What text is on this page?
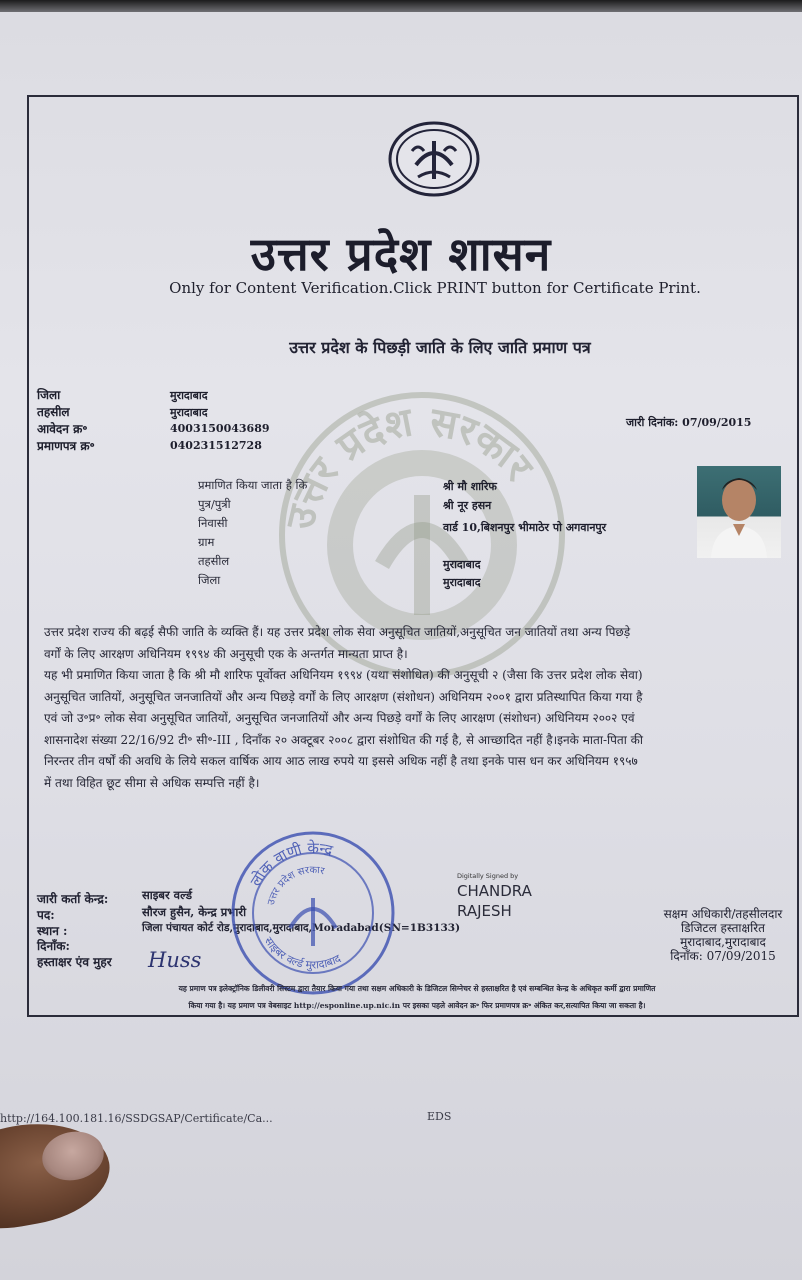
उत्तर प्रदेश सरकार
उत्तर प्रदेश शासन
Only for Content Verification.Click PRINT button for Certificate Print.
उत्तर प्रदेश के पिछड़ी जाति के लिए जाति प्रमाण पत्र
जिला	मुरादाबाद
तहसील	मुरादाबाद
आवेदन क्र॰	4003150043689
प्रमाणपत्र क्र॰	040231512728
जारी दिनांक: 07/09/2015
प्रमाणित किया जाता है कि	श्री मौ शारिफ
पुत्र/पुत्री	श्री नूर हसन
निवासी	वार्ड 10,बिशनपुर भीमाठेर पो अगवानपुर
ग्राम
तहसील	मुरादाबाद
जिला	मुरादाबाद

उत्तर प्रदेश राज्य की बढ़ई सैफी जाति के व्यक्ति हैं। यह उत्तर प्रदेश लोक सेवा अनुसूचित जातियों,अनुसूचित जन जातियों तथा अन्य पिछड़े

वर्गों के लिए आरक्षण अधिनियम १९९४ की अनुसूची एक के अन्तर्गत मान्यता प्राप्त है।

यह भी प्रमाणित किया जाता है कि श्री मौ शारिफ पूर्वोक्त अधिनियम १९९४ (यथा संशोधित) की अनुसूची २ (जैसा कि उत्तर प्रदेश लोक सेवा)

अनुसूचित जातियों, अनुसूचित जनजातियों और अन्य पिछड़े वर्गों के लिए आरक्षण (संशोधन) अधिनियम २००१ द्वारा प्रतिस्थापित किया गया है

एवं जो उ॰प्र॰ लोक सेवा अनुसूचित जातियों, अनुसूचित जनजातियों और अन्य पिछड़े वर्गों के लिए आरक्षण (संशोधन) अधिनियम २००२ एवं

शासनादेश संख्या 22/16/92 टी॰ सी॰-III , दिनाँक २० अक्टूबर २००८ द्वारा संशोधित की गई है, से आच्छादित नहीं है।इनके माता-पिता की

निरन्तर तीन वर्षों की अवधि के लिये सकल वार्षिक आय आठ लाख रुपये या इससे अधिक नहीं है तथा इनके पास धन कर अधिनियम १९५७

में तथा विहित छूट सीमा से अधिक सम्पत्ति नहीं है।

Digitally Signed by
CHANDRA
RAJESH
जारी कर्ता केन्द्र:	साइबर वर्ल्ड
पद:	सौरज हुसैन, केन्द्र प्रभारी
स्थान :	जिला पंचायत कोर्ट रोड,मुरादाबाद,मुरादाबाद,Moradabad(SN=1B3133)
दिनाँक:
हस्ताक्षर एंव मुहर Huss
लोक वाणी केन्द्र
उत्तर प्रदेश सरकार
साइबर वर्ल्ड मुरादाबाद
सक्षम अधिकारी/तहसीलदार
डिजिटल हस्ताक्षरित
मुरादाबाद,मुरादाबाद
दिनाँक: 07/09/2015
यह प्रमाण पत्र इलेक्ट्रॉनिक डिलीवरी सिस्टम द्वारा तैयार किया गया तथा सक्षम अधिकारी के डिजिटल सिग्नेचर से हस्ताक्षरित है एवं सम्बन्धित केन्द्र के अधिकृत कर्मी द्वारा प्रमाणित
किया गया है। यह प्रमाण पत्र वेबसाइट http://esponline.up.nic.in पर इसका पहले आवेदन क्र॰ फिर प्रमाणपत्र क्र॰ अंकित कर,सत्यापित किया जा सकता है।
http://164.100.181.16/SSDGSAP/Certificate/Ca...	EDS
